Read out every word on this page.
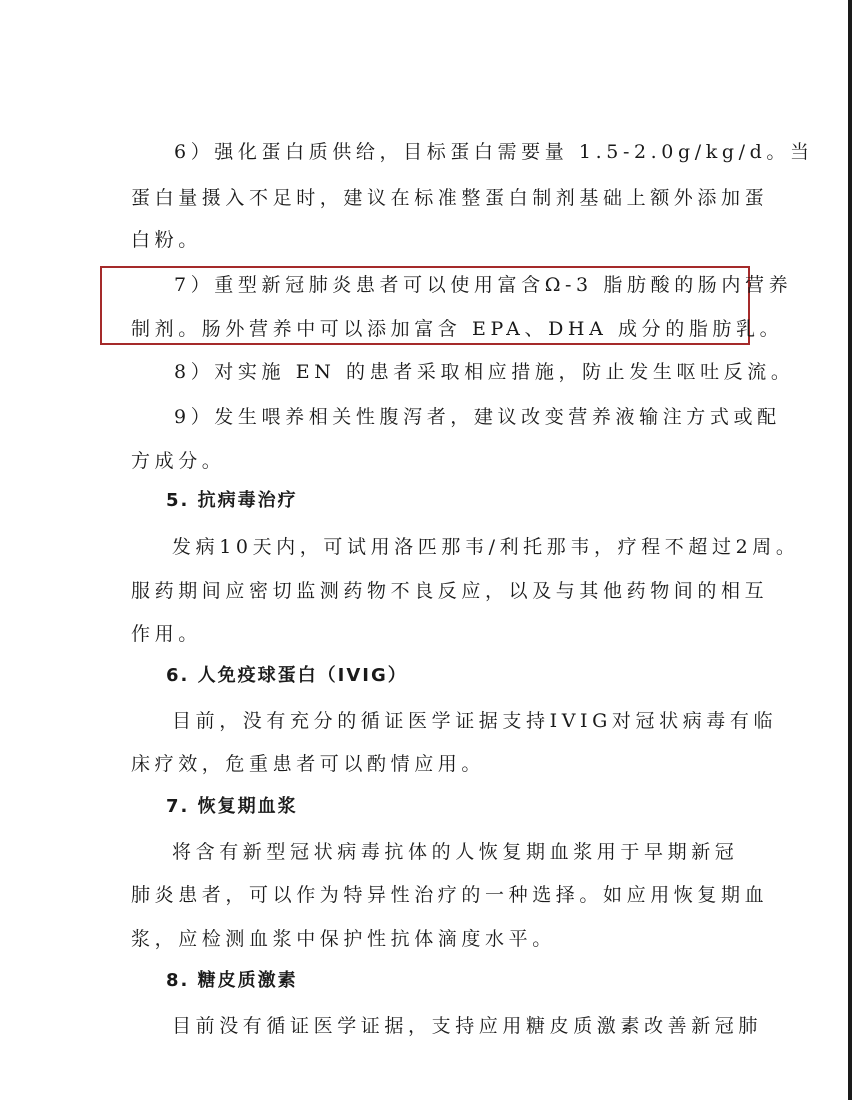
6）强化蛋白质供给，目标蛋白需要量 1.5-2.0g/kg/d。当
蛋白量摄入不足时，建议在标准整蛋白制剂基础上额外添加蛋
白粉。
7）重型新冠肺炎患者可以使用富含Ω-3 脂肪酸的肠内营养
制剂。肠外营养中可以添加富含 EPA、DHA 成分的脂肪乳。
8）对实施 EN 的患者采取相应措施，防止发生呕吐反流。
9）发生喂养相关性腹泻者，建议改变营养液输注方式或配
方成分。
5. 抗病毒治疗
发病10天内，可试用洛匹那韦/利托那韦，疗程不超过2周。
服药期间应密切监测药物不良反应，以及与其他药物间的相互
作用。
6. 人免疫球蛋白（IVIG）
目前，没有充分的循证医学证据支持IVIG对冠状病毒有临
床疗效，危重患者可以酌情应用。
7. 恢复期血浆
将含有新型冠状病毒抗体的人恢复期血浆用于早期新冠
肺炎患者，可以作为特异性治疗的一种选择。如应用恢复期血
浆，应检测血浆中保护性抗体滴度水平。
8. 糖皮质激素
目前没有循证医学证据，支持应用糖皮质激素改善新冠肺
